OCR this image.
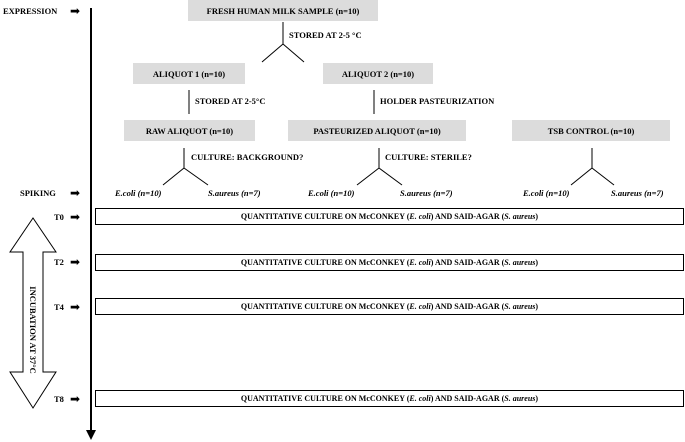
EXPRESSION ➡
SPIKING ➡
T0 ➡
T2 ➡
T4 ➡
T8 ➡
INCUBATION AT 37°C
FRESH HUMAN MILK SAMPLE (n=10)
STORED AT 2-5 °C
ALIQUOT 1 (n=10)	ALIQUOT 2 (n=10)
STORED AT 2-5°C	HOLDER PASTEURIZATION
RAW ALIQUOT (n=10)	PASTEURIZED ALIQUOT (n=10)	TSB CONTROL (n=10)
CULTURE: BACKGROUND?	CULTURE: STERILE?
E.coli (n=10)	S.aureus (n=7)	E.coli (n=10)	S.aureus (n=7)	E.coli (n=10)	S.aureus (n=7)
QUANTITATIVE CULTURE ON McCONKEY ( E. coli ) AND SAID-AGAR ( S. aureus )
QUANTITATIVE CULTURE ON McCONKEY ( E. coli ) AND SAID-AGAR ( S. aureus )
QUANTITATIVE CULTURE ON McCONKEY ( E. coli ) AND SAID-AGAR ( S. aureus )
QUANTITATIVE CULTURE ON McCONKEY ( E. coli ) AND SAID-AGAR ( S. aureus )
